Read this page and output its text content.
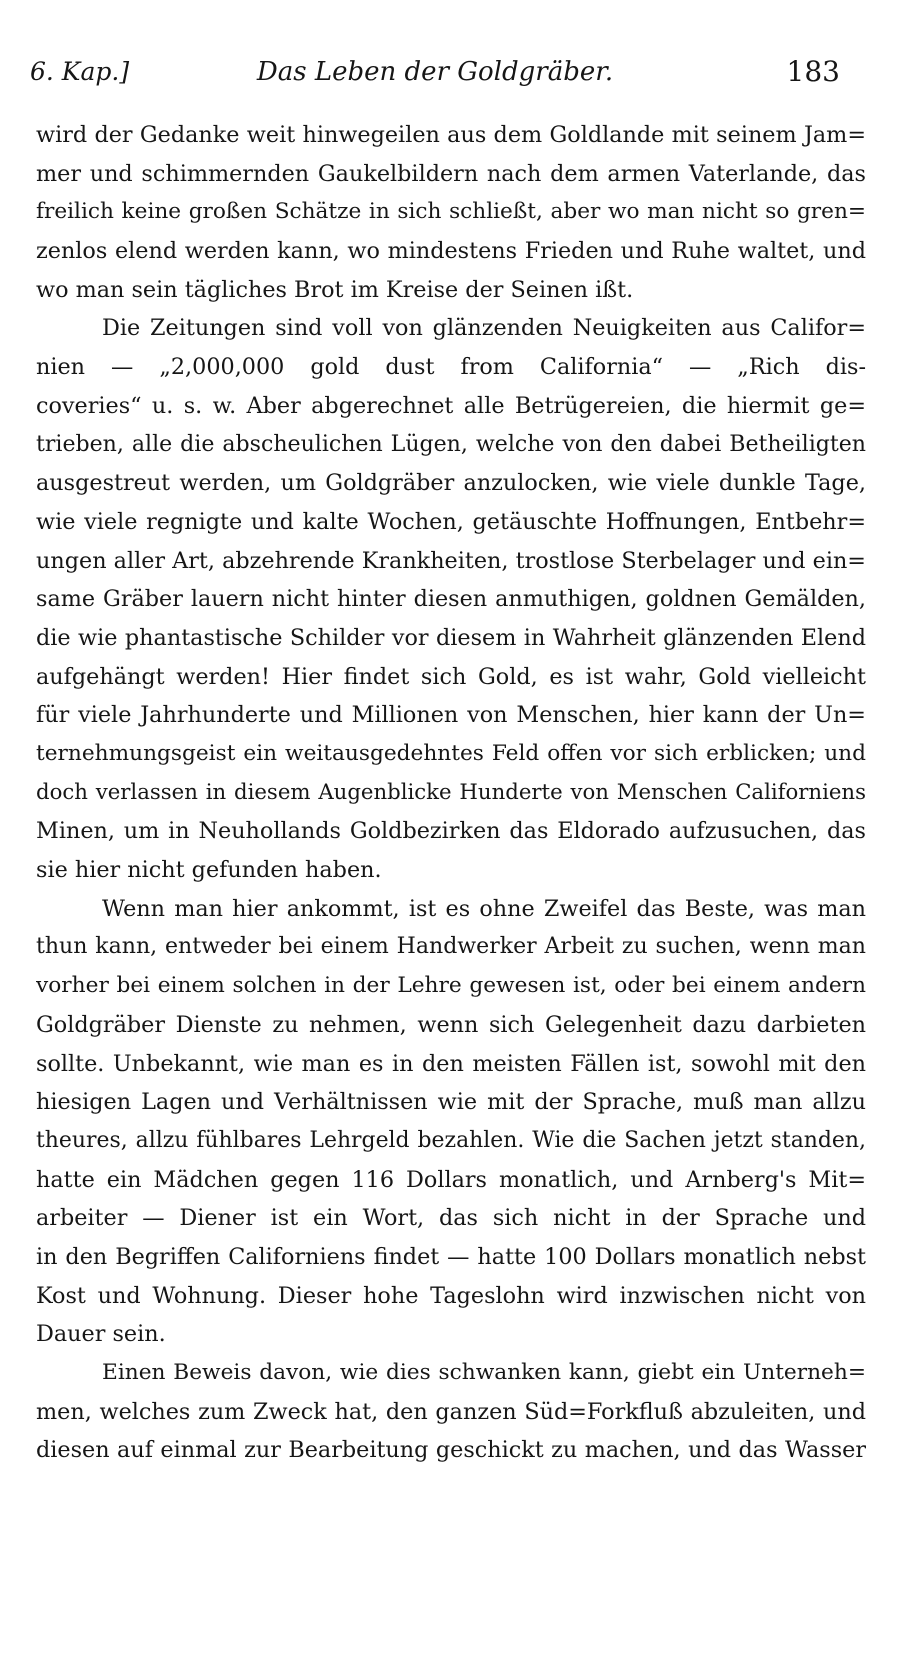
6. Kap.]	Das Leben der Goldgräber.	183
wird der Gedanke weit hinwegeilen aus dem Goldlande mit seinem Jam=
mer und schimmernden Gaukelbildern nach dem armen Vaterlande, das
freilich keine großen Schätze in sich schließt, aber wo man nicht so gren=
zenlos elend werden kann, wo mindestens Frieden und Ruhe waltet, und
wo man sein tägliches Brot im Kreise der Seinen ißt.
Die Zeitungen sind voll von glänzenden Neuigkeiten aus Califor=
nien — „2,000,000 gold dust from California“ — „Rich dis-
coveries“ u. s. w. Aber abgerechnet alle Betrügereien, die hiermit ge=
trieben, alle die abscheulichen Lügen, welche von den dabei Betheiligten
ausgestreut werden, um Goldgräber anzulocken, wie viele dunkle Tage,
wie viele regnigte und kalte Wochen, getäuschte Hoffnungen, Entbehr=
ungen aller Art, abzehrende Krankheiten, trostlose Sterbelager und ein=
same Gräber lauern nicht hinter diesen anmuthigen, goldnen Gemälden,
die wie phantastische Schilder vor diesem in Wahrheit glänzenden Elend
aufgehängt werden! Hier findet sich Gold, es ist wahr, Gold vielleicht
für viele Jahrhunderte und Millionen von Menschen, hier kann der Un=
ternehmungsgeist ein weitausgedehntes Feld offen vor sich erblicken; und
doch verlassen in diesem Augenblicke Hunderte von Menschen Californiens
Minen, um in Neuhollands Goldbezirken das Eldorado aufzusuchen, das
sie hier nicht gefunden haben.
Wenn man hier ankommt, ist es ohne Zweifel das Beste, was man
thun kann, entweder bei einem Handwerker Arbeit zu suchen, wenn man
vorher bei einem solchen in der Lehre gewesen ist, oder bei einem andern
Goldgräber Dienste zu nehmen, wenn sich Gelegenheit dazu darbieten
sollte. Unbekannt, wie man es in den meisten Fällen ist, sowohl mit den
hiesigen Lagen und Verhältnissen wie mit der Sprache, muß man allzu
theures, allzu fühlbares Lehrgeld bezahlen. Wie die Sachen jetzt standen,
hatte ein Mädchen gegen 116 Dollars monatlich, und Arnberg's Mit=
arbeiter — Diener ist ein Wort, das sich nicht in der Sprache und
in den Begriffen Californiens findet — hatte 100 Dollars monatlich nebst
Kost und Wohnung. Dieser hohe Tageslohn wird inzwischen nicht von
Dauer sein.
Einen Beweis davon, wie dies schwanken kann, giebt ein Unterneh=
men, welches zum Zweck hat, den ganzen Süd=Forkfluß abzuleiten, und
diesen auf einmal zur Bearbeitung geschickt zu machen, und das Wasser
